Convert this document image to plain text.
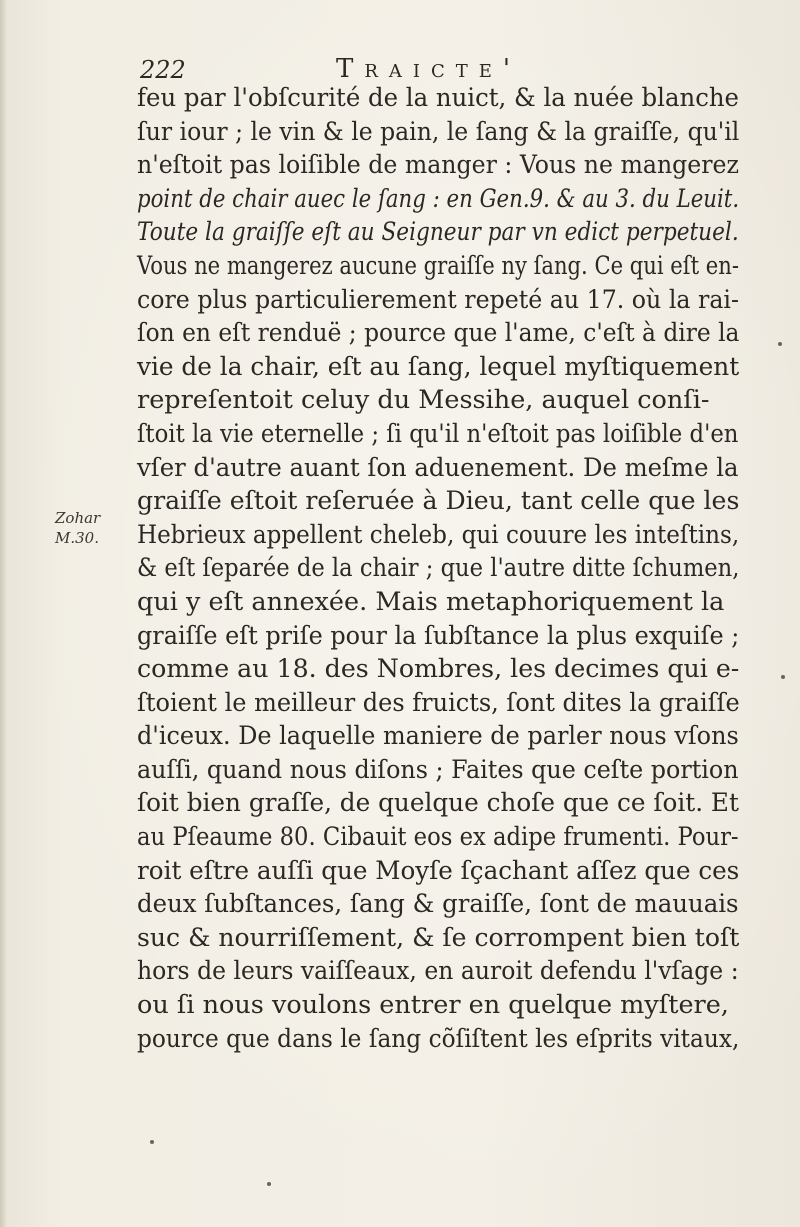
222	Traicte'
Zohar
M.30.
feu par l'obſcurité de la nuict, & la nuée blanche
ſur iour ; le vin & le pain, le ſang & la graiſſe, qu'il
n'eſtoit pas loiſible de manger : Vous ne mangerez
point de chair auec le ſang : en Gen.9. & au 3. du Leuit.
Toute la graiſſe eſt au Seigneur par vn edict perpetuel.
Vous ne mangerez aucune graiſſe ny ſang. Ce qui eſt en-
core plus particulierement repeté au 17. où la rai-
ſon en eſt renduë ; pource que l'ame, c'eſt à dire la
vie de la chair, eſt au ſang, lequel myſtiquement
repreſentoit celuy du Messihe, auquel conſi-
ſtoit la vie eternelle ; ſi qu'il n'eſtoit pas loiſible d'en
vſer d'autre auant ſon aduenement. De meſme la
graiſſe eſtoit reſeruée à Dieu, tant celle que les
Hebrieux appellent cheleb, qui couure les inteſtins,
& eſt ſeparée de la chair ; que l'autre ditte ſchumen,
qui y eſt annexée. Mais metaphoriquement la
graiſſe eſt priſe pour la ſubſtance la plus exquiſe ;
comme au 18. des Nombres, les decimes qui e-
ſtoient le meilleur des fruicts, ſont dites la graiſſe
d'iceux. De laquelle maniere de parler nous vſons
auſſi, quand nous diſons ; Faites que ceſte portion
ſoit bien graſſe, de quelque choſe que ce ſoit. Et
au Pſeaume 80. Cibauit eos ex adipe frumenti. Pour-
roit eſtre auſſi que Moyſe ſçachant aſſez que ces
deux ſubſtances, ſang & graiſſe, ſont de mauuais
suc & nourriſſement, & ſe corrompent bien toſt
hors de leurs vaiſſeaux, en auroit defendu l'vſage :
ou ſi nous voulons entrer en quelque myſtere,
pource que dans le ſang cõſiſtent les eſprits vitaux,
